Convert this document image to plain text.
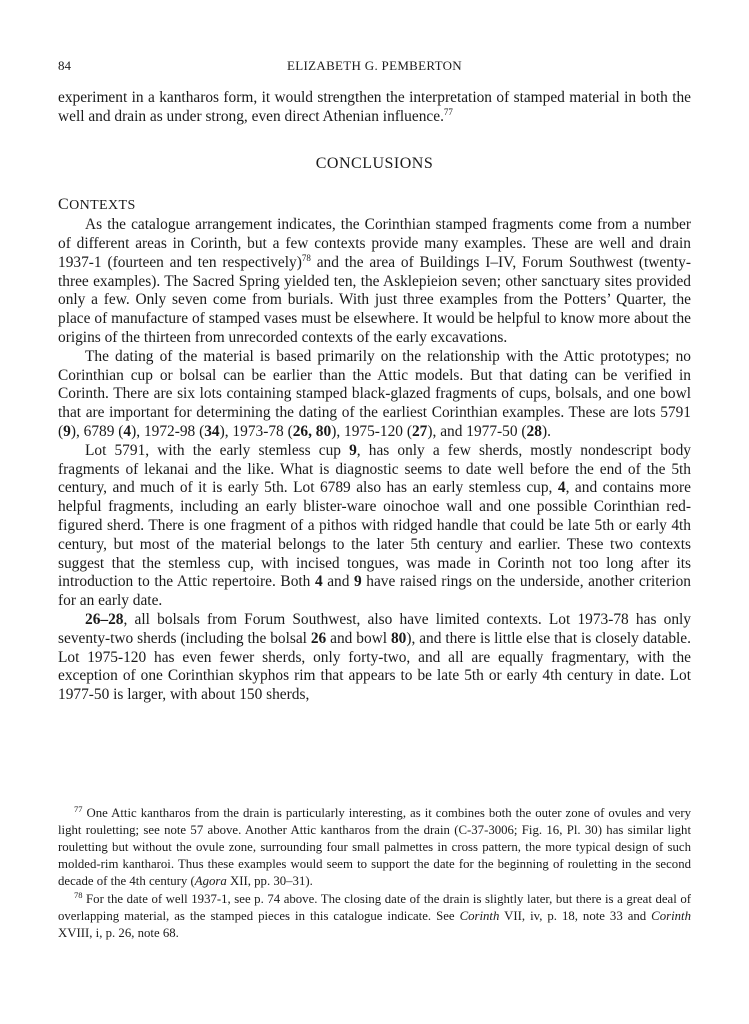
84	ELIZABETH G. PEMBERTON

experiment in a kantharos form, it would strengthen the interpretation of stamped material in both the well and drain as under strong, even direct Athenian influence.$^{77}$

CONCLUSIONS
CONTEXTS

As the catalogue arrangement indicates, the Corinthian stamped fragments come from a number of different areas in Corinth, but a few contexts provide many examples. These are well and drain 1937-1 (fourteen and ten respectively)$^{78}$ and the area of Buildings I–IV, Forum Southwest (twenty-three examples). The Sacred Spring yielded ten, the Asklepieion seven; other sanctuary sites provided only a few. Only seven come from burials. With just three examples from the Potters’ Quarter, the place of manufacture of stamped vases must be elsewhere. It would be helpful to know more about the origins of the thirteen from unrecorded contexts of the early excavations.

The dating of the material is based primarily on the relationship with the Attic prototypes; no Corinthian cup or bolsal can be earlier than the Attic models. But that dating can be verified in Corinth. There are six lots containing stamped black-glazed fragments of cups, bolsals, and one bowl that are important for determining the dating of the earliest Corinthian examples. These are lots 5791 (9), 6789 (4), 1972-98 (34), 1973-78 (26, 80), 1975-120 (27), and 1977-50 (28).

Lot 5791, with the early stemless cup 9, has only a few sherds, mostly nondescript body fragments of lekanai and the like. What is diagnostic seems to date well before the end of the 5th century, and much of it is early 5th. Lot 6789 also has an early stemless cup, 4, and contains more helpful fragments, including an early blister-ware oinochoe wall and one possible Corinthian red-figured sherd. There is one fragment of a pithos with ridged handle that could be late 5th or early 4th century, but most of the material belongs to the later 5th century and earlier. These two contexts suggest that the stemless cup, with incised tongues, was made in Corinth not too long after its introduction to the Attic repertoire. Both 4 and 9 have raised rings on the underside, another criterion for an early date.

26–28, all bolsals from Forum Southwest, also have limited contexts. Lot 1973-78 has only seventy-two sherds (including the bolsal 26 and bowl 80), and there is little else that is closely datable. Lot 1975-120 has even fewer sherds, only forty-two, and all are equally fragmentary, with the exception of one Corinthian skyphos rim that appears to be late 5th or early 4th century in date. Lot 1977-50 is larger, with about 150 sherds,

$^{77}$ One Attic kantharos from the drain is particularly interesting, as it combines both the outer zone of ovules and very light rouletting; see note 57 above. Another Attic kantharos from the drain (C-37-3006; Fig. 16, Pl. 30) has similar light rouletting but without the ovule zone, surrounding four small palmettes in cross pattern, the more typical design of such molded-rim kantharoi. Thus these examples would seem to support the date for the beginning of rouletting in the second decade of the 4th century (Agora XII, pp. 30–31).

$^{78}$ For the date of well 1937-1, see p. 74 above. The closing date of the drain is slightly later, but there is a great deal of overlapping material, as the stamped pieces in this catalogue indicate. See Corinth VII, iv, p. 18, note 33 and Corinth XVIII, i, p. 26, note 68.
